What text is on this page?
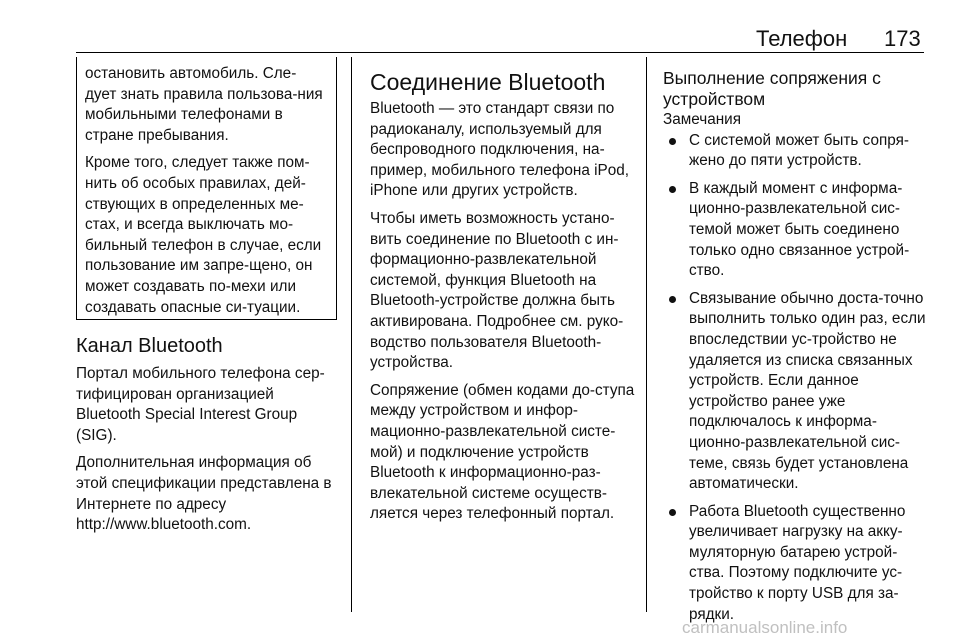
Телефон 173

остановить автомобиль. Сле-дует знать правила пользова-ния мобильными телефонами в стране пребывания.

Кроме того, следует также пом-нить об особых правилах, дей-ствующих в определенных ме-стах, и всегда выключать мо-бильный телефон в случае, если пользование им запре-щено, он может создавать по-мехи или создавать опасные си-туации.

Канал Bluetooth

Портал мобильного телефона сер-тифицирован организацией Bluetooth Special Interest Group (SIG).

Дополнительная информация об этой спецификации представлена в Интернете по адресу http://www.bluetooth.com.

Соединение Bluetooth

Bluetooth — это стандарт связи по радиоканалу, используемый для беспроводного подключения, на-пример, мобильного телефона iPod, iPhone или других устройств.

Чтобы иметь возможность устано-вить соединение по Bluetooth с ин-формационно-развлекательной системой, функция Bluetooth на Bluetooth-устройстве должна быть активирована. Подробнее см. руко-водство пользователя Bluetooth-устройства.

Сопряжение (обмен кодами до-ступа между устройством и инфор-мационно-развлекательной систе-мой) и подключение устройств Bluetooth к информационно-раз-влекательной системе осуществ-ляется через телефонный портал.

Выполнение сопряжения с устройством

Замечания

С системой может быть сопря-жено до пяти устройств.
В каждый момент с информа-ционно-развлекательной сис-темой может быть соединено только одно связанное устрой-ство.
Связывание обычно доста-точно выполнить только один раз, если впоследствии ус-тройство не удаляется из списка связанных устройств. Если данное устройство ранее уже подключалось к информа-ционно-развлекательной сис-теме, связь будет установлена автоматически.
Работа Bluetooth существенно увеличивает нагрузку на акку-муляторную батарею устрой-ства. Поэтому подключите ус-тройство к порту USB для за-рядки.
carmanualsonline.info
